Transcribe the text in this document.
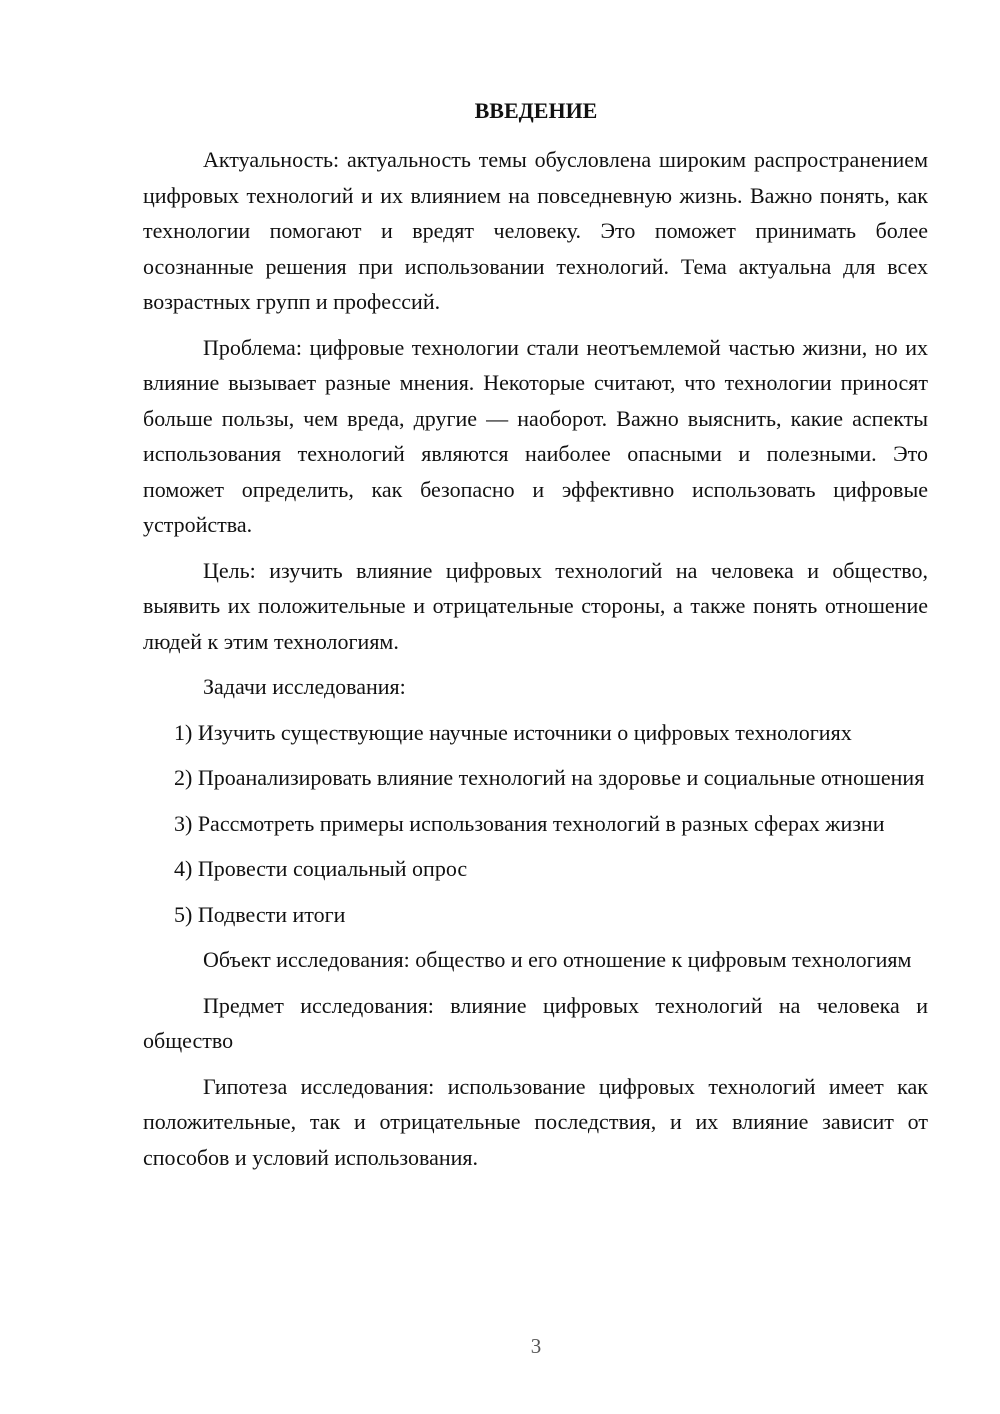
ВВЕДЕНИЕ

Актуальность: актуальность темы обусловлена широким распространением цифровых технологий и их влиянием на повседневную жизнь. Важно понять, как технологии помогают и вредят человеку. Это поможет принимать более осознанные решения при использовании технологий. Тема актуальна для всех возрастных групп и профессий.

Проблема: цифровые технологии стали неотъемлемой частью жизни, но их влияние вызывает разные мнения. Некоторые считают, что технологии приносят больше пользы, чем вреда, другие — наоборот. Важно выяснить, какие аспекты использования технологий являются наиболее опасными и полезными. Это поможет определить, как безопасно и эффективно использовать цифровые устройства.

Цель: изучить влияние цифровых технологий на человека и общество, выявить их положительные и отрицательные стороны, а также понять отношение людей к этим технологиям.

Задачи исследования:

1) Изучить существующие научные источники о цифровых технологиях

2) Проанализировать влияние технологий на здоровье и социальные отношения

3) Рассмотреть примеры использования технологий в разных сферах жизни

4) Провести социальный опрос

5) Подвести итоги

Объект исследования: общество и его отношение к цифровым технологиям

Предмет исследования: влияние цифровых технологий на человека и общество

Гипотеза исследования: использование цифровых технологий имеет как положительные, так и отрицательные последствия, и их влияние зависит от способов и условий использования.

3
